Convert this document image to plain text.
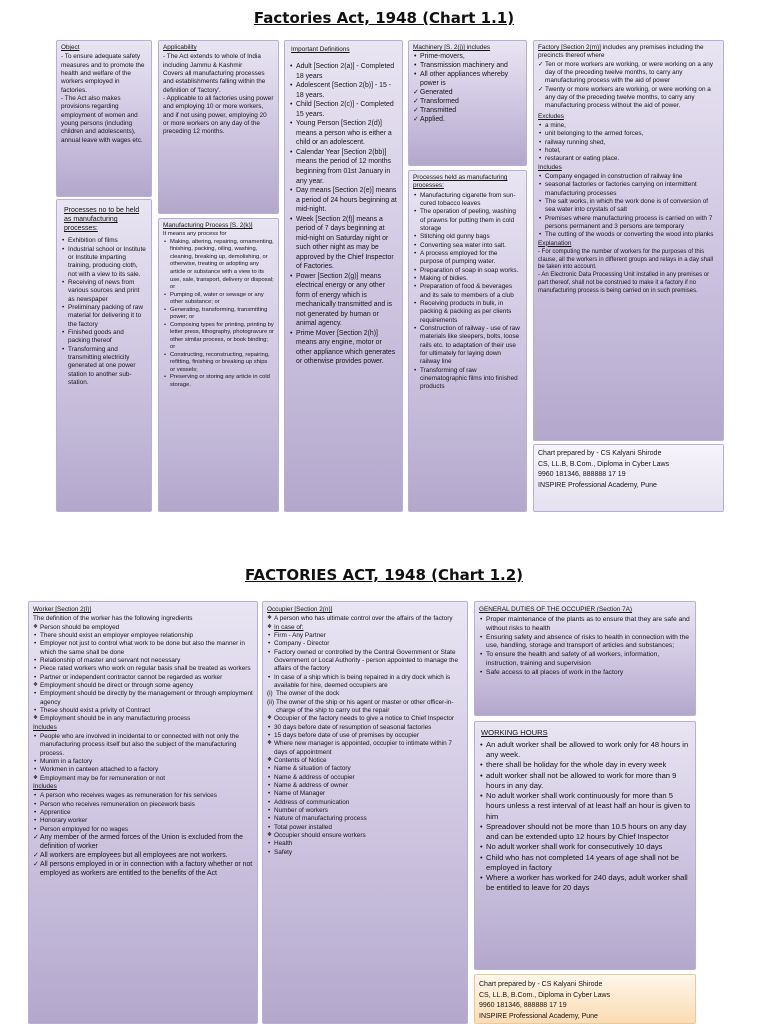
Factories Act, 1948 (Chart 1.1)
Object

- To ensure adequate safety measures and to promote the health and welfare of the workers employed in factories.
- The Act also makes provisions regarding employment of women and young persons (including children and adolescents), annual leave with wages etc.

Processes no to be held as manufacturing processes:
• Exhibition of films
• Industrial school or Institute or Institute imparting training, producing cloth, not with a view to its sale.
• Receiving of news from various sources and print as newspaper
• Preliminary packing of raw material for delivering it to the factory
• Finished goods and packing thereof
• Transforming and transmitting electricity generated at one power station to another sub-station.
Applicability

- The Act extends to whole of India including Jammu & Kashmir
Covers all manufacturing processes and establishments falling within the definition of 'factory'.
- Applicable to all factories using power and employing 10 or more workers, and if not using power, employing 20 or more workers on any day of the preceding 12 months.

Manufacturing Process [S. 2(k)]

It means any process for

• Making, altering, repairing, ornamenting, finishing, packing, oiling, washing, cleaning, breaking up, demolishing, or otherwise, treating or adopting any article or substance with a view to its use, sale, transport, delivery or disposal; or
• Pumping oil, water or sewage or any other substance; or
• Generating, transforming, transmitting power; or
• Composing types for printing, printing by letter press, lithography, photogravure or other similar process, or book binding; or
• Constructing, reconstructing, repairing, refitting, finishing or breaking up ships or vessels;
• Preserving or storing any article in cold storage.
Important Definitions
• Adult [Section 2(a)] - Completed 18 years
• Adolescent [Section 2(b)] - 15 - 18 years.
• Child [Section 2(c)] - Completed 15 years.
• Young Person [Section 2(d)] means a person who is either a child or an adolescent.
• Calendar Year [Section 2(bb)] means the period of 12 months beginning from 01st January in any year.
• Day means [Section 2(e)] means a period of 24 hours beginning at mid-night.
• Week [Section 2(f)] means a period of 7 days beginning at mid-night on Saturday night or such other night as may be approved by the Chief Inspector of Factories.
• Power [Section 2(g)] means electrical energy or any other form of energy which is mechanically transmitted and is not generated by human or animal agency.
• Prime Mover [Section 2(h)] means any engine, motor or other appliance which generates or otherwise provides power.
Machinery [S. 2(j)] includes
• Prime-movers,
• Transmission machinery and
• All other appliances whereby power is
✓ Generated
✓ Transformed
✓ Transmitted
✓ Applied.
Processes held as manufacturing processes:
• Manufacturing cigarette from sun-cured tobacco leaves
• The operation of peeling, washing of prawns for putting them in cold storage
• Stitching old gunny bags
• Converting sea water into salt.
• A process employed for the purpose of pumping water.
• Preparation of soap in soap works.
• Making of bidies.
• Preparation of food & beverages and its sale to members of a club
• Receiving products in bulk, in packing & packing as per clients requirements
• Construction of railway - use of raw materials like sleepers, bolts, loose rails etc. to adaptation of their use for ultimately for laying down railway line
• Transforming of raw cinematographic films into finished products

Factory [Section 2(m)] includes any premises including the precincts thereof where

✓ Ten or more workers are working, or were working on a any day of the preceding twelve months, to carry any manufacturing process with the aid of power
✓ Twenty or more workers are working, or were working on a any day of the preceding twelve months, to carry any manufacturing process without the aid of power.
Excludes
• a mine,
• unit belonging to the armed forces,
• railway running shed,
• hotel,
• restaurant or eating place.
Includes
• Company engaged in construction of railway line
• seasonal factories or factories carrying on intermittent manufacturing processes
• The salt works, in which the work done is of conversion of sea water into crystals of salt
• Premises where manufacturing process is carried on with 7 persons permanent and 3 persons are temporary
• The cutting of the woods or converting the wood into planks
Explanation

- For computing the number of workers for the purposes of this clause, all the workers in different groups and relays in a day shall be taken into account.
- An Electronic Data Processing Unit installed in any premises or part thereof, shall not be construed to make it a factory if no manufacturing process is being carried on in such premises.

Chart prepared by - CS Kalyani Shirode
CS, LL.B, B.Com., Diploma in Cyber Laws
9960 181346, 888888 17 19
INSPIRE Professional Academy, Pune
FACTORIES ACT, 1948 (Chart 1.2)
Worker [Section 2(l)]

The definition of the worker has the following ingredients

❖ Person should be employed
• There should exist an employer employee relationship
• Employer not just to control what work to be done but also the manner in which the same shall be done
• Relationship of master and servant not necessary
• Piece rated workers who work on regular basis shall be treated as workers
• Partner or independent contractor cannot be regarded as worker
❖ Employment should be direct or through some agency
• Employment should be directly by the management or through employment agency
• These should exist a privity of Contract
❖ Employment should be in any manufacturing process
Includes
• People who are involved in incidental to or connected with not only the manufacturing process itself but also the subject of the manufacturing process.
• Munim in a factory
• Workmen in canteen attached to a factory
❖ Employment may be for remuneration or not
Includes
• A person who receives wages as remuneration for his services
• Person who receives remuneration on piecework basis
• Apprentice
• Honorary worker
• Person employed for no wages
✓ Any member of the armed forces of the Union is excluded from the definition of worker
✓ All workers are employees but all employees are not workers.
✓ All persons employed in or in connection with a factory whether or not employed as workers are entitled to the benefits of the Act
Occupier [Section 2(n)]
❖ A person who has ultimate control over the affairs of the factory
❖ In case of:
• Firm - Any Partner
• Company - Director
• Factory owned or controlled by the Central Government or State Government or Local Authority - person appointed to manage the affairs of the factory
• In case of a ship which is being repaired in a dry dock which is available for hire, deemed occupiers are
(i) The owner of the dock
(ii) The owner of the ship or his agent or master or other officer-in-charge of the ship to carry out the repair
❖ Occupier of the factory needs to give a notice to Chief Inspector
• 30 days before date of resumption of seasonal factories
• 15 days before date of use of premises by occupier
❖ Where new manager is appointed, occupier to intimate within 7 days of appointment
❖ Contents of Notice
• Name & situation of factory
• Name & address of occupier
• Name & address of owner
• Name of Manager
• Address of communication
• Number of workers
• Nature of manufacturing process
• Total power installed
❖ Occupier should ensure workers
• Health
• Safety
GENERAL DUTIES OF THE OCCUPIER (Section 7A)
• Proper maintenance of the plants as to ensure that they are safe and without risks to health
• Ensuring safety and absence of risks to health in connection with the use, handling, storage and transport of articles and substances;
• To ensure the health and safety of all workers, information, instruction, training and supervision
• Safe access to all places of work in the factory
WORKING HOURS
• An adult worker shall be allowed to work only for 48 hours in any week.
• there shall be holiday for the whole day in every week
• adult worker shall not be allowed to work for more than 9 hours in any day.
• No adult worker shall work continuously for more than 5 hours unless a rest interval of at least half an hour is given to him
• Spreadover should not be more than 10.5 hours on any day and can be extended upto 12 hours by Chief Inspector
• No adult worker shall work for consecutively 10 days
• Child who has not completed 14 years of age shall not be employed in factory
• Where a worker has worked for 240 days, adult worker shall be entitled to leave for 20 days
Chart prepared by - CS Kalyani Shirode
CS, LL.B, B.Com., Diploma in Cyber Laws
9960 181346, 888888 17 19
INSPIRE Professional Academy, Pune
